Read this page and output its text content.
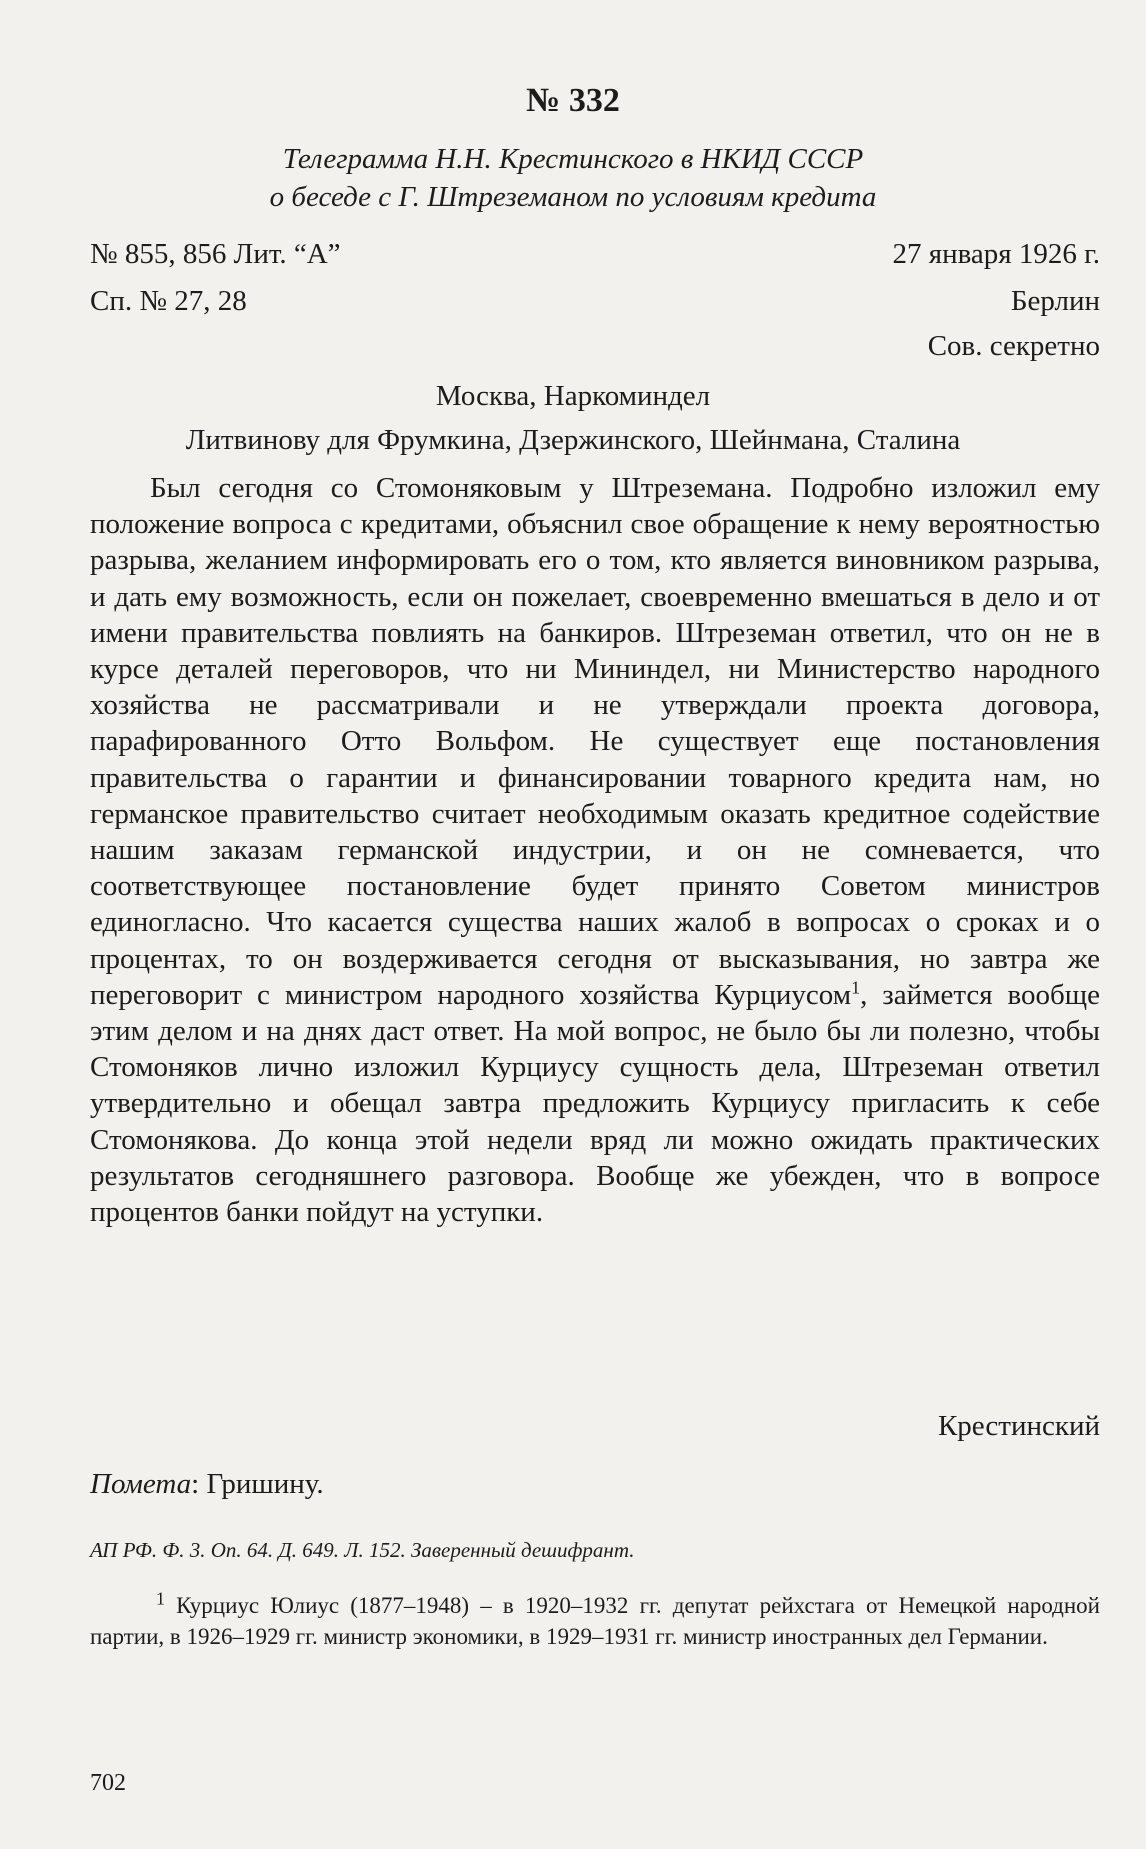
№ 332
Телеграмма Н.Н. Крестинского в НКИД СССР
о беседе с Г. Штреземаном по условиям кредита
№ 855, 856 Лит. “А”	27 января 1926 г.
Сп. № 27, 28	Берлин
Сов. секретно
Москва, Наркоминдел
Литвинову для Фрумкина, Дзержинского, Шейнмана, Сталина

Был сегодня со Стомоняковым у Штреземана. Подробно изложил ему положение вопроса с кредитами, объяснил свое обращение к нему вероятностью разрыва, желанием информировать его о том, кто является виновником разрыва, и дать ему возможность, если он пожелает, своевременно вмешаться в дело и от имени правительства повлиять на банкиров. Штреземан ответил, что он не в курсе деталей переговоров, что ни Мининдел, ни Министерство народного хозяйства не рассматривали и не утверждали проекта договора, парафированного Отто Вольфом. Не существует еще постановления правительства о гарантии и финансировании товарного кредита нам, но германское правительство считает необходимым оказать кредитное содействие нашим заказам германской индустрии, и он не сомневается, что соответствующее постановление будет принято Советом министров единогласно. Что касается существа наших жалоб в вопросах о сроках и о процентах, то он воздерживается сегодня от высказывания, но завтра же переговорит с министром народного хозяйства Курциусом$^1$, займется вообще этим делом и на днях даст ответ. На мой вопрос, не было бы ли полезно, чтобы Стомоняков лично изложил Курциусу сущность дела, Штреземан ответил утвердительно и обещал завтра предложить Курциусу пригласить к себе Стомонякова. До конца этой недели вряд ли можно ожидать практических результатов сегодняшнего разговора. Вообще же убежден, что в вопросе процентов банки пойдут на уступки.

Крестинский
Помета: Гришину.
АП РФ. Ф. 3. Оп. 64. Д. 649. Л. 152. Заверенный дешифрант.

$^1$ Курциус Юлиус (1877–1948) – в 1920–1932 гг. депутат рейхстага от Немецкой народной партии, в 1926–1929 гг. министр экономики, в 1929–1931 гг. министр иностранных дел Германии.

702
